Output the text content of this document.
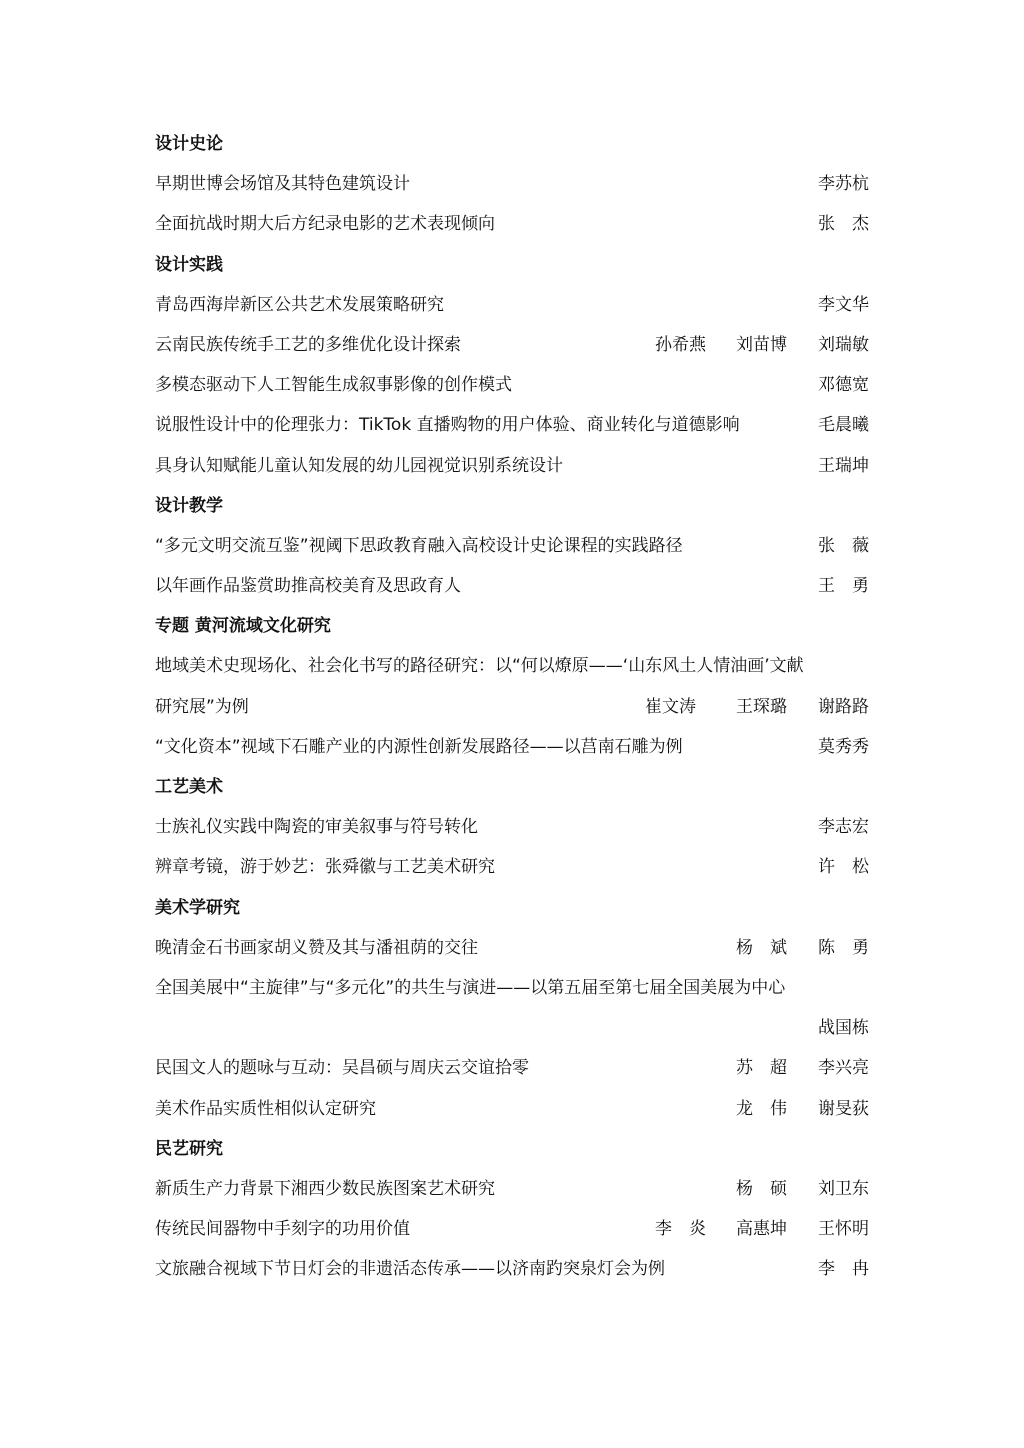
设计史论
早期世博会场馆及其特色建筑设计	李苏杭
全面抗战时期大后方纪录电影的艺术表现倾向	张　杰
设计实践
青岛西海岸新区公共艺术发展策略研究	李文华
云南民族传统手工艺的多维优化设计探索	孙希燕 刘苗博 刘瑞敏
多模态驱动下人工智能生成叙事影像的创作模式	邓德宽
说服性设计中的伦理张力：TikTok 直播购物的用户体验、商业转化与道德影响	毛晨曦
具身认知赋能儿童认知发展的幼儿园视觉识别系统设计	王瑞坤
设计教学
“多元文明交流互鉴”视阈下思政教育融入高校设计史论课程的实践路径	张　薇
以年画作品鉴赏助推高校美育及思政育人	王　勇
专题 黄河流域文化研究
地域美术史现场化、社会化书写的路径研究：以“何以燎原——‘山东风土人情油画’文献
研究展”为例	崔文涛 王琛璐 谢路路
“文化资本”视域下石雕产业的内源性创新发展路径——以莒南石雕为例	莫秀秀
工艺美术
士族礼仪实践中陶瓷的审美叙事与符号转化	李志宏
辨章考镜，游于妙艺：张舜徽与工艺美术研究	许　松
美术学研究
晚清金石书画家胡义赞及其与潘祖荫的交往	杨　斌 陈　勇
全国美展中“主旋律”与“多元化”的共生与演进——以第五届至第七届全国美展为中心
战国栋
民国文人的题咏与互动：吴昌硕与周庆云交谊拾零	苏　超 李兴亮
美术作品实质性相似认定研究	龙　伟 谢旻荻
民艺研究
新质生产力背景下湘西少数民族图案艺术研究	杨　硕 刘卫东
传统民间器物中手刻字的功用价值	李　炎 高惠坤 王怀明
文旅融合视域下节日灯会的非遗活态传承——以济南趵突泉灯会为例	李　冉
